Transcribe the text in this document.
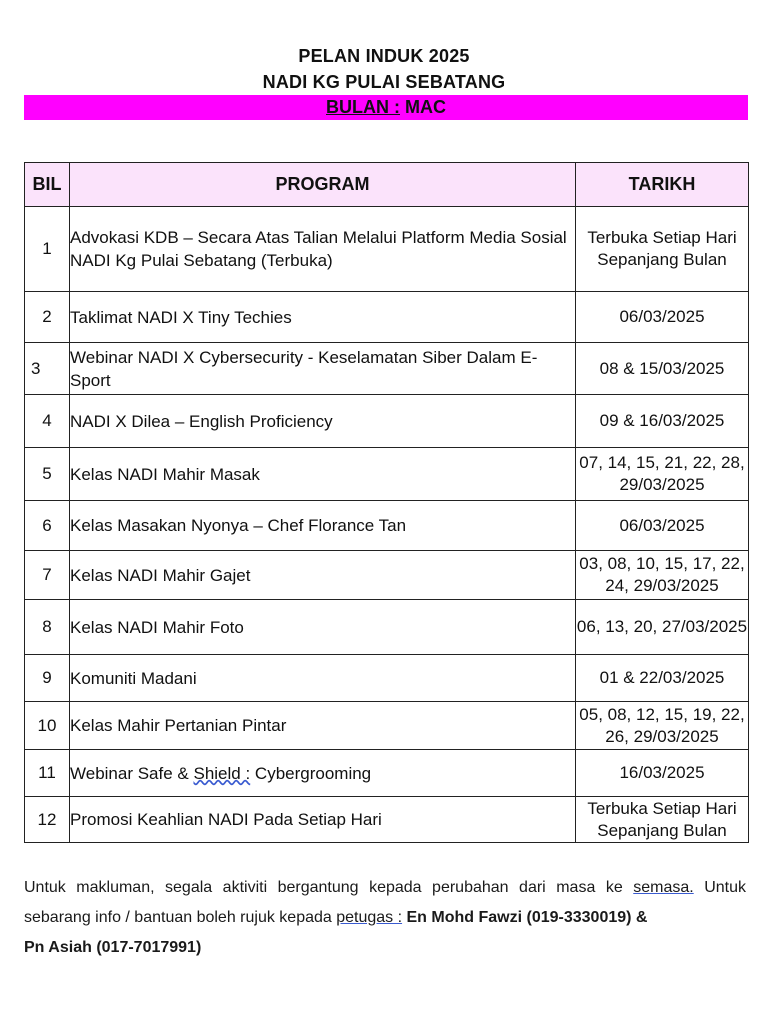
PELAN INDUK 2025
NADI KG PULAI SEBATANG
BULAN : MAC
BIL	PROGRAM	TARIKH
1	Advokasi KDB – Secara Atas Talian Melalui Platform Media Sosial NADI Kg Pulai Sebatang (Terbuka)	Terbuka Setiap Hari Sepanjang Bulan
2	Taklimat NADI X Tiny Techies	06/03/2025
3	Webinar NADI X Cybersecurity - Keselamatan Siber Dalam E-Sport	08 & 15/03/2025
4	NADI X Dilea – English Proficiency	09 & 16/03/2025
5	Kelas NADI Mahir Masak	07, 14, 15, 21, 22, 28, 29/03/2025
6	Kelas Masakan Nyonya – Chef Florance Tan	06/03/2025
7	Kelas NADI Mahir Gajet	03, 08, 10, 15, 17, 22, 24, 29/03/2025
8	Kelas NADI Mahir Foto	06, 13, 20, 27/03/2025
9	Komuniti Madani	01 & 22/03/2025
10	Kelas Mahir Pertanian Pintar	05, 08, 12, 15, 19, 22, 26, 29/03/2025
11	Webinar Safe & Shield : Cybergrooming	16/03/2025
12	Promosi Keahlian NADI Pada Setiap Hari	Terbuka Setiap Hari Sepanjang Bulan
Untuk makluman, segala aktiviti bergantung kepada perubahan dari masa ke semasa. Untuk
sebarang info / bantuan boleh rujuk kepada petugas : En Mohd Fawzi (019-3330019) &
Pn Asiah (017-7017991)
